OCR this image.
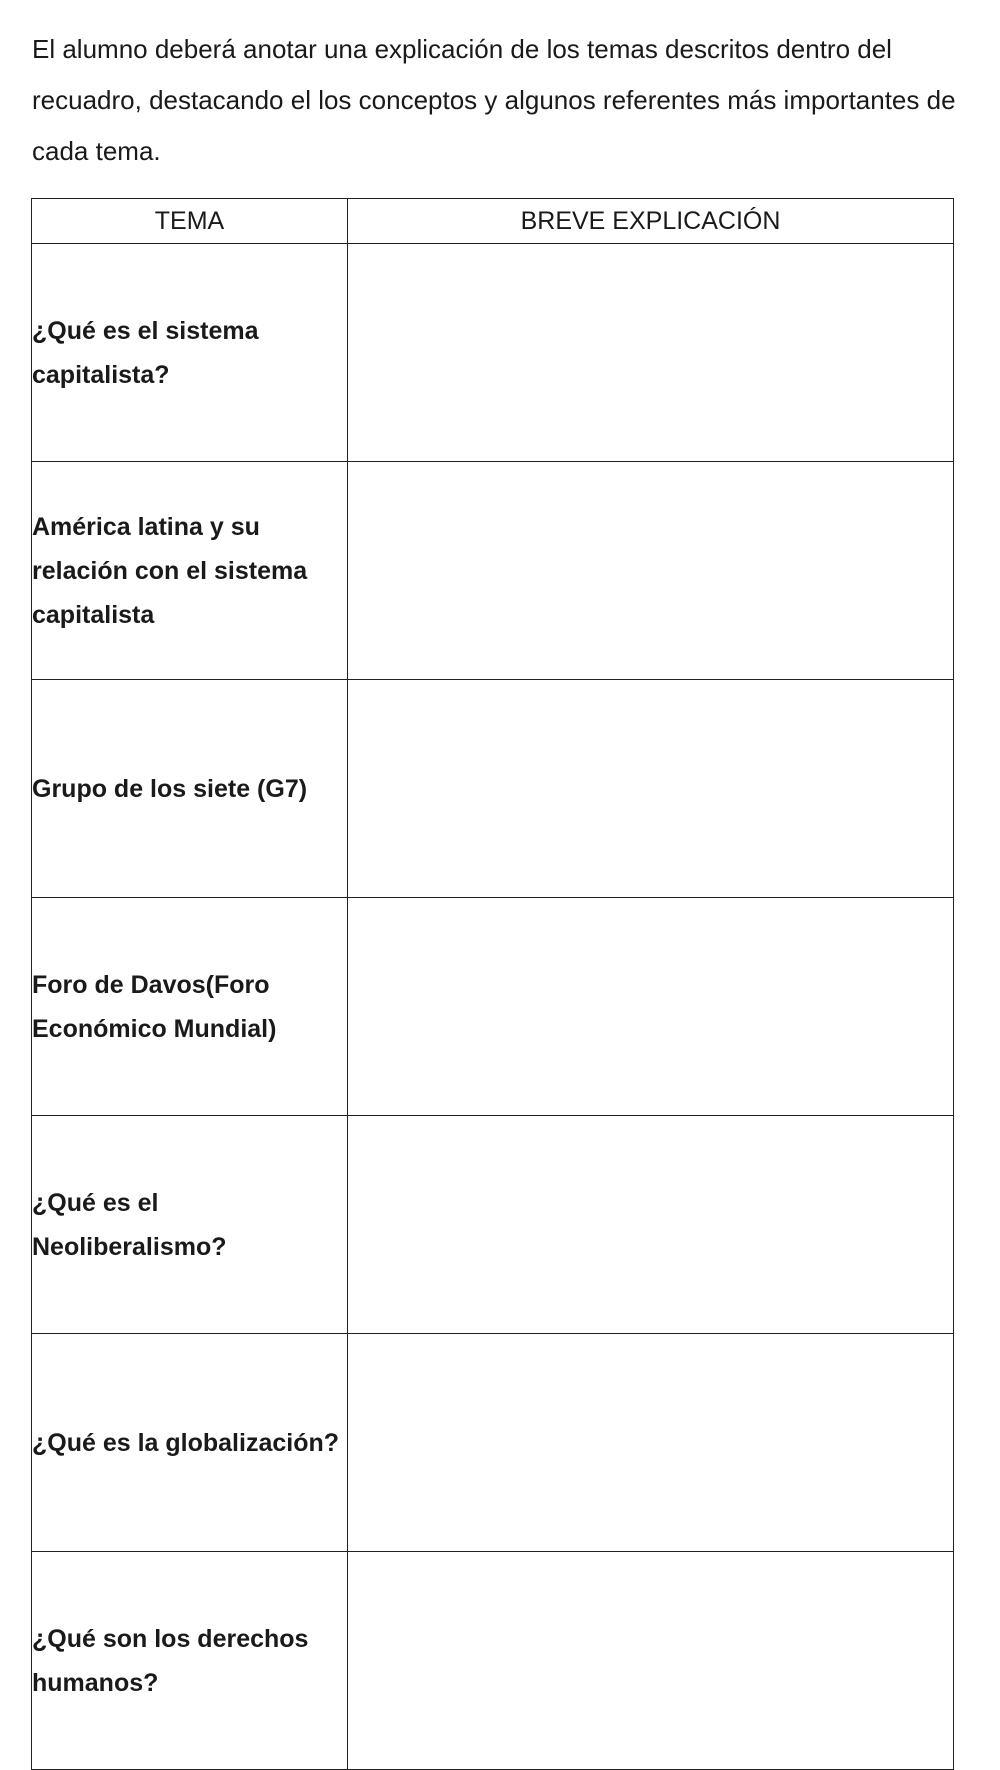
El alumno deberá anotar una explicación de los temas descritos dentro del recuadro, destacando el los conceptos y algunos referentes más importantes de cada tema.

TEMA	BREVE EXPLICACIÓN
¿Qué es el sistema capitalista?	
América latina y su relación con el sistema capitalista	
Grupo de los siete (G7)	
Foro de Davos(Foro Económico Mundial)	
¿Qué es el Neoliberalismo?	
¿Qué es la globalización?	
¿Qué son los derechos humanos?	
